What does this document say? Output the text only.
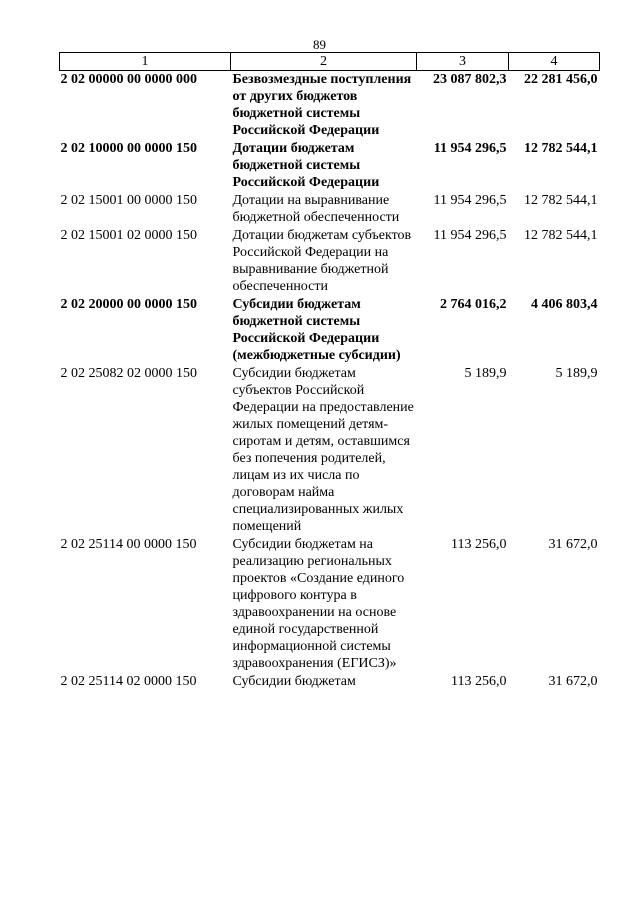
89
1	2	3	4
2 02 00000 00 0000 000	Безвозмездные поступления от других бюджетов бюджетной системы Российской Федерации	23 087 802,3	22 281 456,0
2 02 10000 00 0000 150	Дотации бюджетам бюджетной системы Российской Федерации	11 954 296,5	12 782 544,1
2 02 15001 00 0000 150	Дотации на выравнивание бюджетной обеспеченности	11 954 296,5	12 782 544,1
2 02 15001 02 0000 150	Дотации бюджетам субъектов Российской Федерации на выравнивание бюджетной обеспеченности	11 954 296,5	12 782 544,1
2 02 20000 00 0000 150	Субсидии бюджетам бюджетной системы Российской Федерации (межбюджетные субсидии)	2 764 016,2	4 406 803,4
2 02 25082 02 0000 150	Субсидии бюджетам субъектов Российской Федерации на предоставление жилых помещений детям-сиротам и детям, оставшимся без попечения родителей, лицам из их числа по договорам найма специализированных жилых помещений	5 189,9	5 189,9
2 02 25114 00 0000 150	Субсидии бюджетам на реализацию региональных проектов «Создание единого цифрового контура в здравоохранении на основе единой государственной информационной системы здравоохранения (ЕГИСЗ)»	113 256,0	31 672,0
2 02 25114 02 0000 150	Субсидии бюджетам	113 256,0	31 672,0
